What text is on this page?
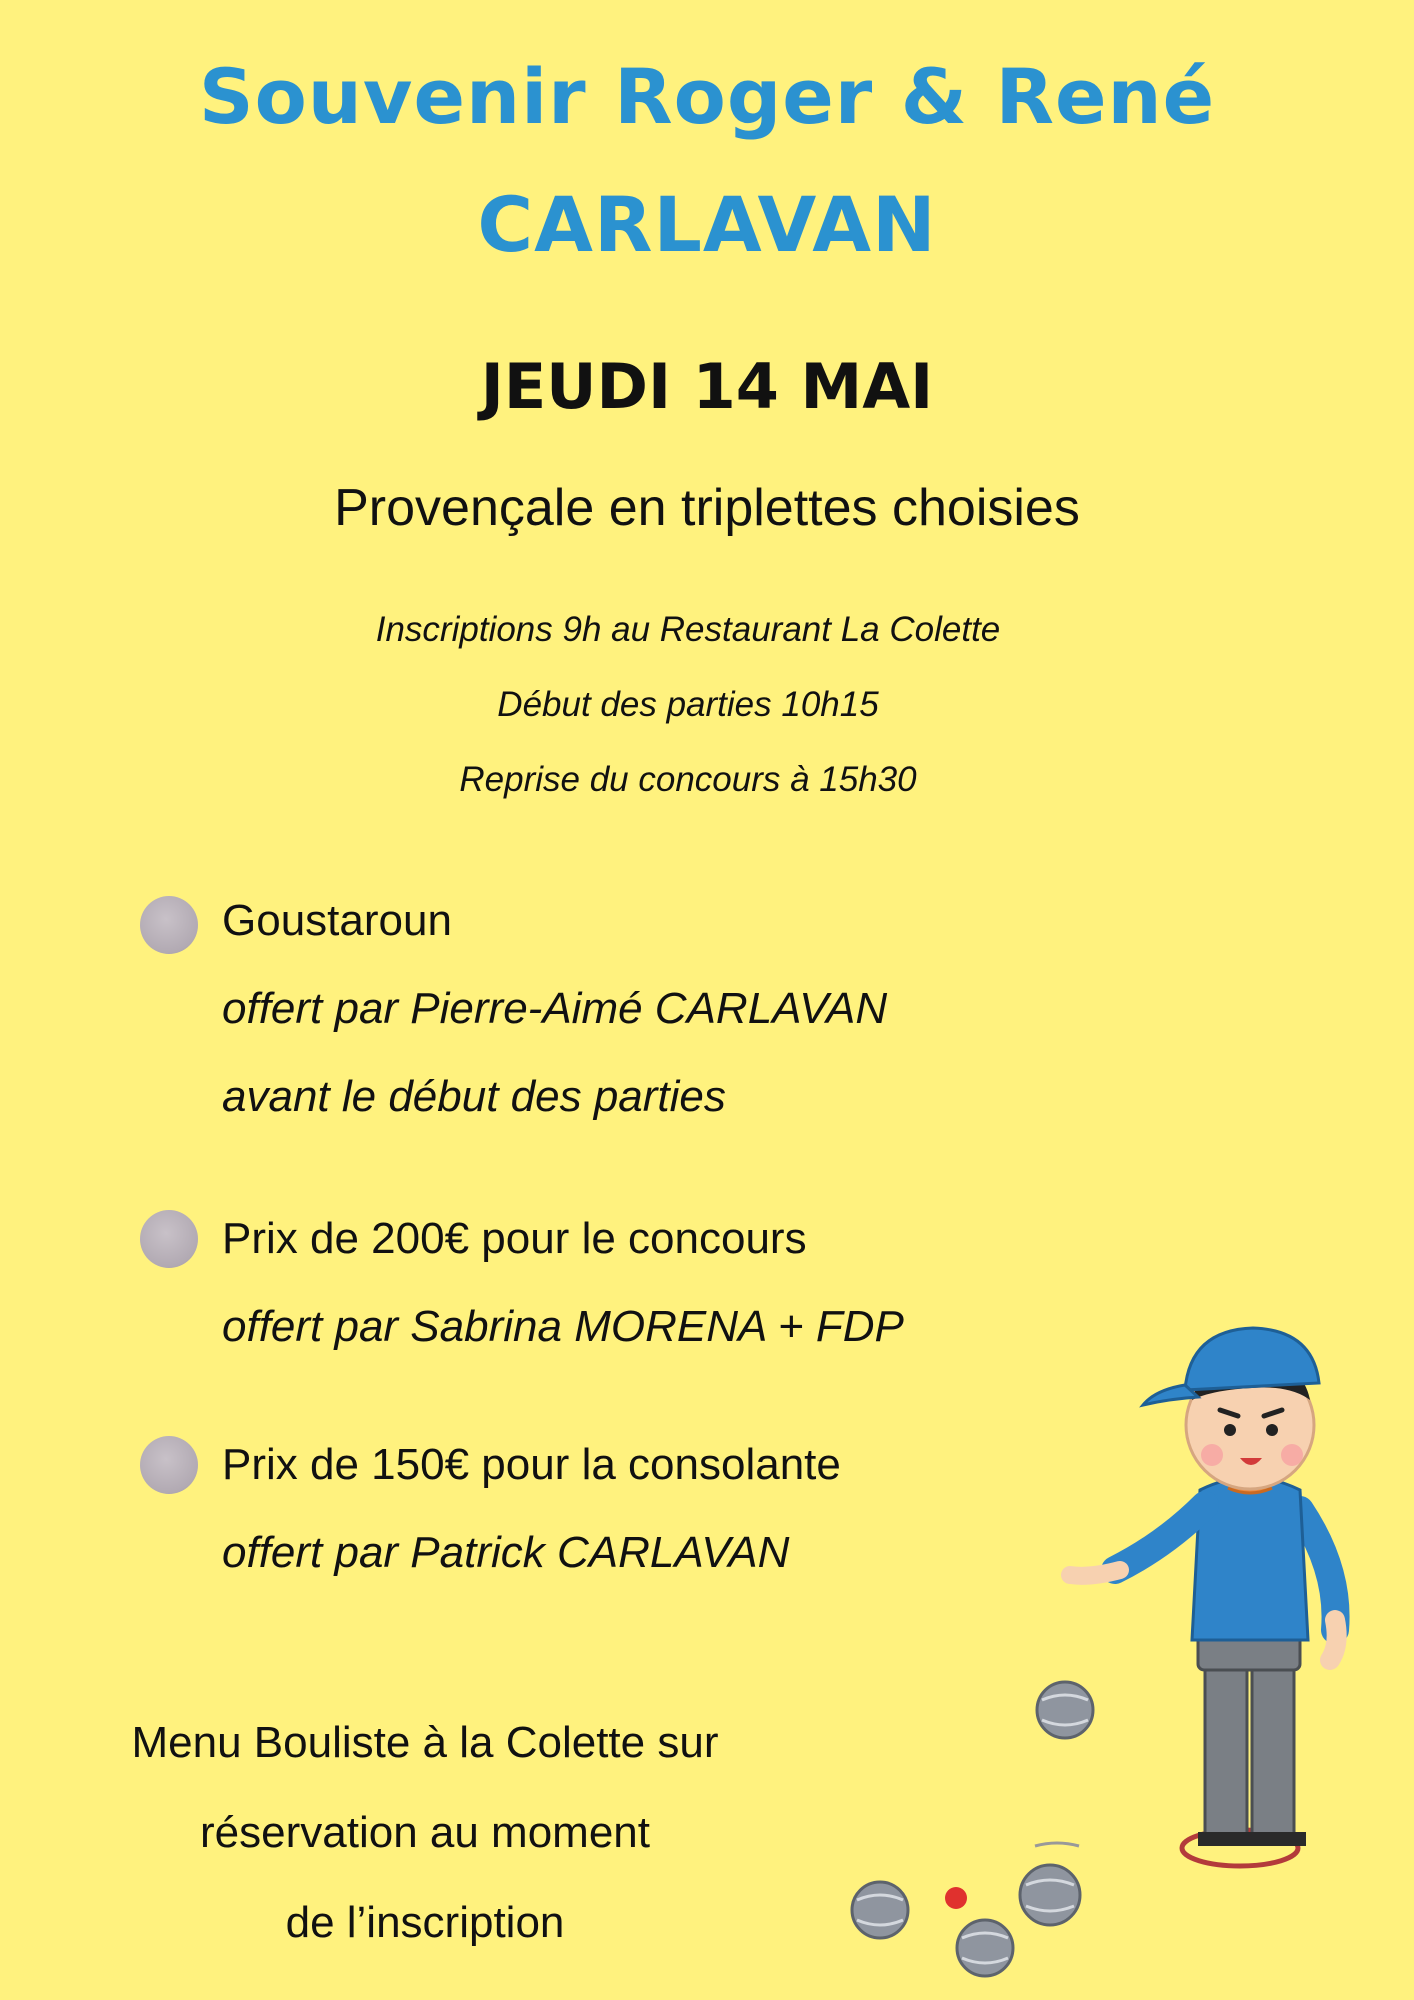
Souvenir Roger & René
CARLAVAN
JEUDI 14 MAI
Provençale en triplettes choisies
Inscriptions 9h au Restaurant La Colette
Début des parties 10h15
Reprise du concours à 15h30
Goustaroun
offert par Pierre-Aimé CARLAVAN
avant le début des parties
Prix de 200€ pour le concours
offert par Sabrina MORENA + FDP
Prix de 150€ pour la consolante
offert par Patrick CARLAVAN
Menu Bouliste à la Colette sur
réservation au moment
de l’inscription
